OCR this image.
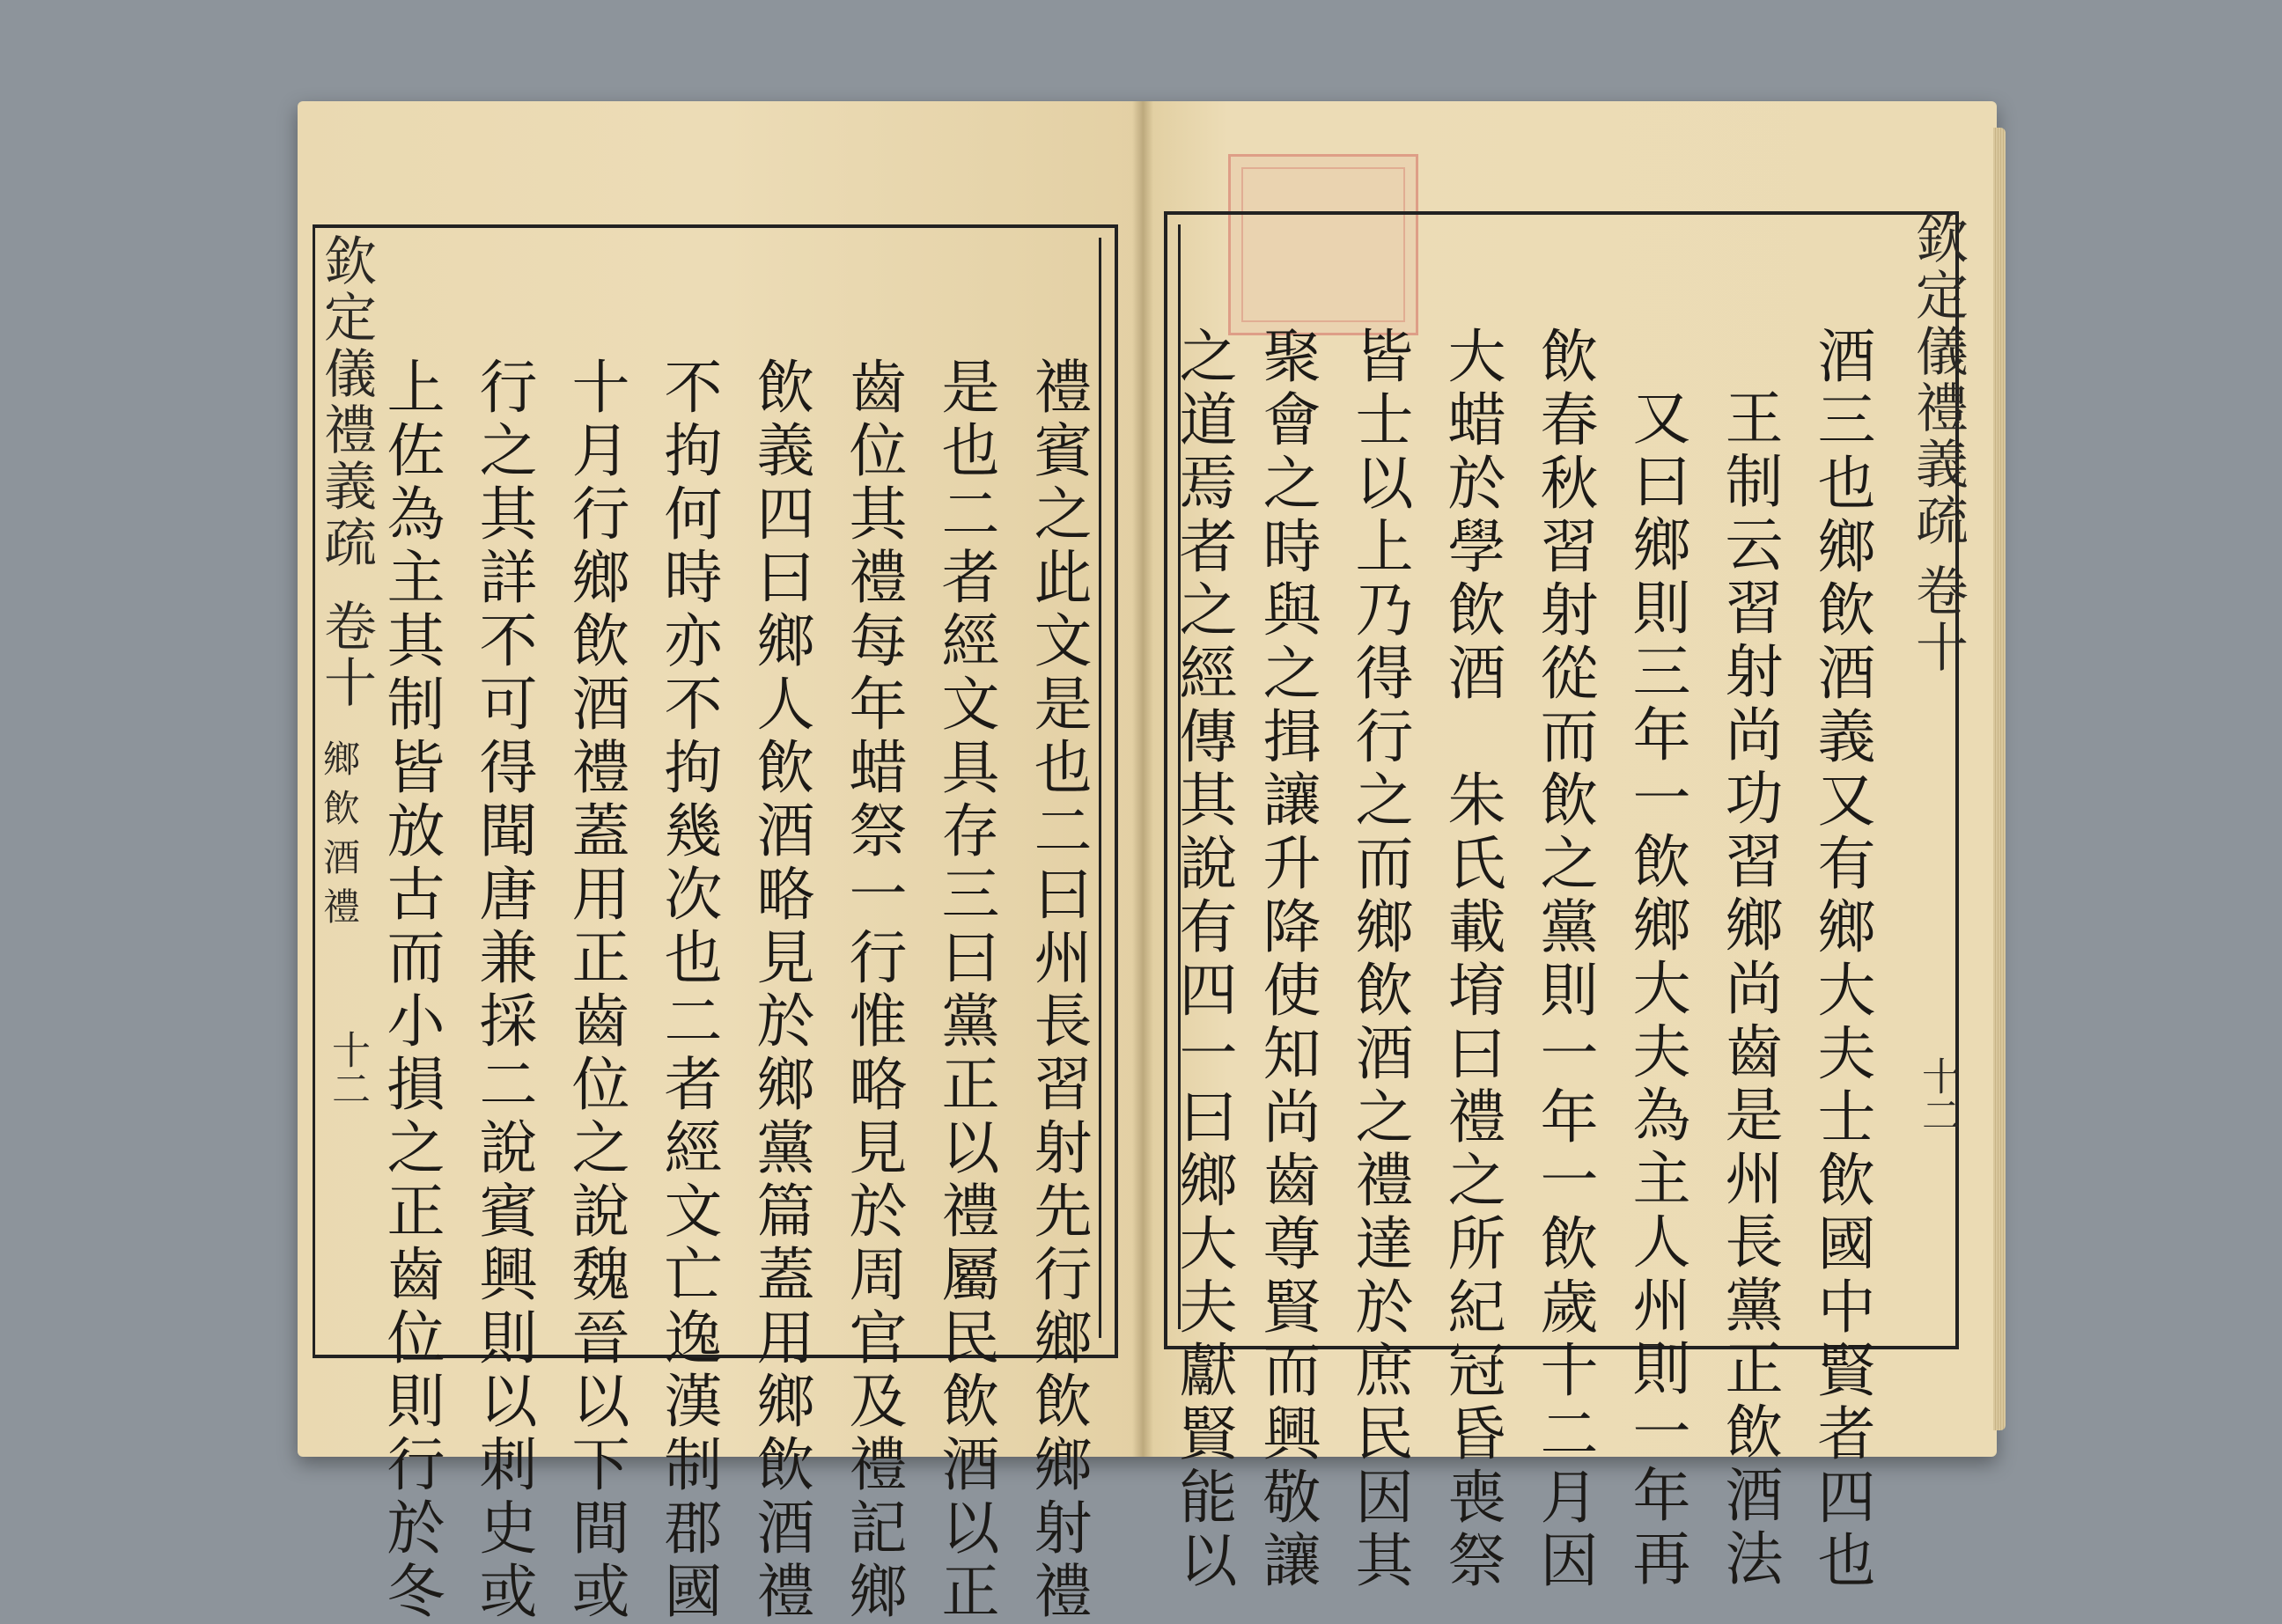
欽定儀禮義疏
卷十
鄉飲酒禮
十二	禮賓之此文是也二曰州長習射先行鄉飲鄉射禮
是也二者經文具存三曰黨正以禮屬民飲酒以正
齒位其禮每年蜡祭一行惟略見於周官及禮記鄉
飲義四曰鄉人飲酒略見於鄉黨篇蓋用鄉飲酒禮
不拘何時亦不拘幾次也二者經文亡逸漢制郡國
十月行鄉飲酒禮蓋用正齒位之說魏晉以下間或
行之其詳不可得聞唐兼採二說賓興則以刺史或
上佐為主其制皆放古而小損之正齒位則行於冬	欽定儀禮義疏
卷十
十二
酒三也鄉飲酒義又有鄉大夫士飲國中賢者四也
王制云習射尚功習鄉尚齒是州長黨正飲酒法
又曰鄉則三年一飲鄉大夫為主人州則一年再
飲春秋習射從而飲之黨則一年一飲歲十二月因
大蜡於學飲酒　朱氏載堉曰禮之所紀冠昏喪祭
皆士以上乃得行之而鄉飲酒之禮達於庶民因其
聚會之時與之揖讓升降使知尚齒尊賢而興敬讓
之道焉者之經傳其說有四一曰鄉大夫獻賢能以
